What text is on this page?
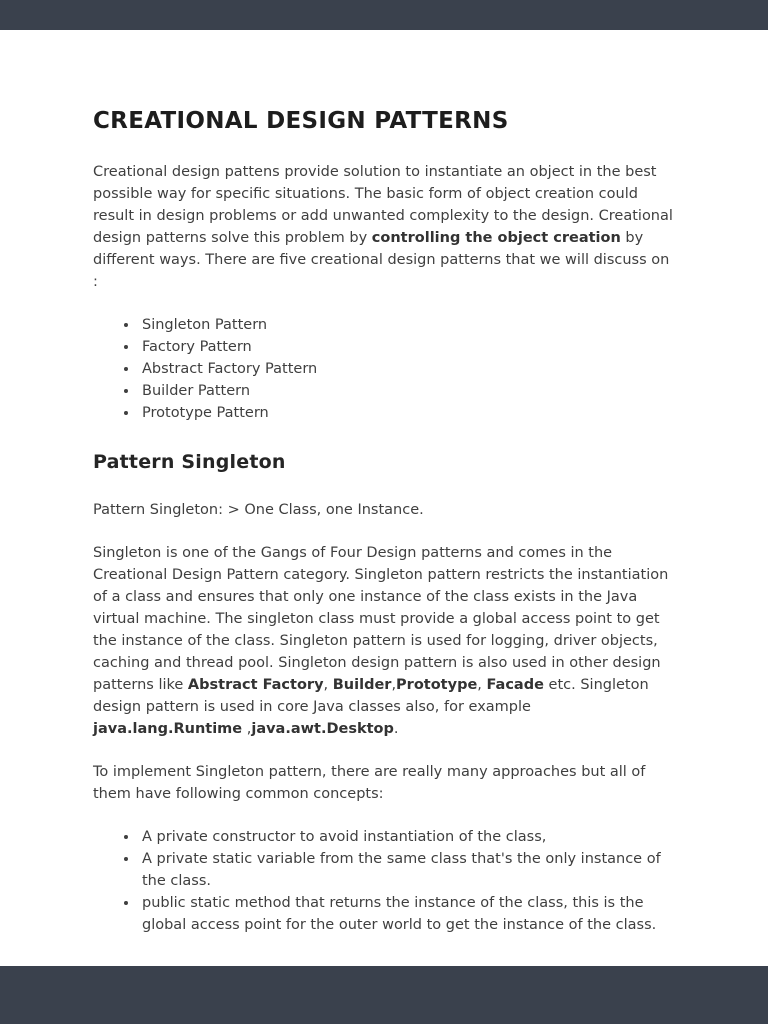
CREATIONAL DESIGN PATTERNS

Creational design pattens provide solution to instantiate an object in the best possible way for specific situations. The basic form of object creation could result in design problems or add unwanted complexity to the design. Creational design patterns solve this problem by controlling the object creation by different ways. There are five creational design patterns that we will discuss on :

• Singleton Pattern
• Factory Pattern
• Abstract Factory Pattern
• Builder Pattern
• Prototype Pattern
Pattern Singleton

Pattern Singleton: > One Class, one Instance.

Singleton is one of the Gangs of Four Design patterns and comes in the Creational Design Pattern category. Singleton pattern restricts the instantiation of a class and ensures that only one instance of the class exists in the Java virtual machine. The singleton class must provide a global access point to get the instance of the class. Singleton pattern is used for logging, driver objects, caching and thread pool. Singleton design pattern is also used in other design patterns like Abstract Factory, Builder,Prototype, Facade etc. Singleton design pattern is used in core Java classes also, for example java.lang.Runtime ,java.awt.Desktop.

To implement Singleton pattern, there are really many approaches but all of them have following common concepts:

• A private constructor to avoid instantiation of the class,
• A private static variable from the same class that's the only instance of the class.
• public static method that returns the instance of the class, this is the global access point for the outer world to get the instance of the class.
